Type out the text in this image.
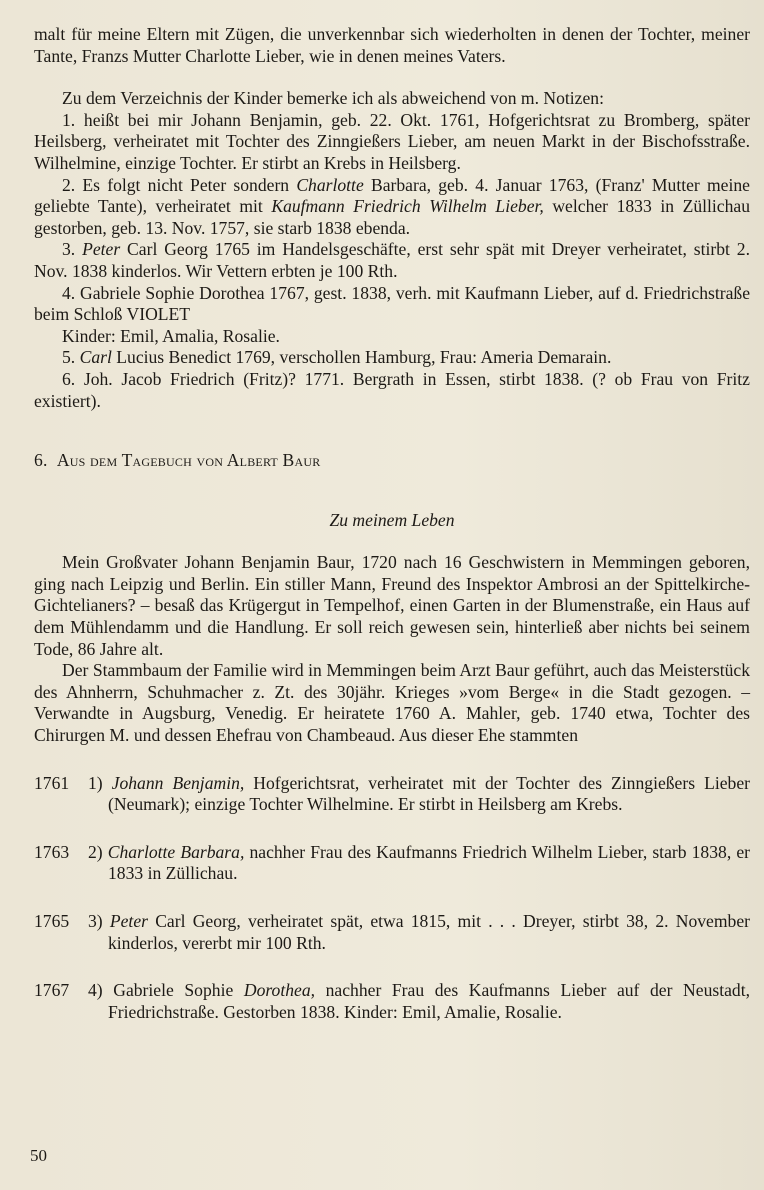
malt für meine Eltern mit Zügen, die unverkennbar sich wiederholten in denen der Tochter, meiner Tante, Franzs Mutter Charlotte Lieber, wie in denen meines Vaters.

Zu dem Verzeichnis der Kinder bemerke ich als abweichend von m. Notizen:

1. heißt bei mir Johann Benjamin, geb. 22. Okt. 1761, Hofgerichtsrat zu Bromberg, später Heilsberg, verheiratet mit Tochter des Zinngießers Lieber, am neuen Markt in der Bischofsstraße. Wilhelmine, einzige Tochter. Er stirbt an Krebs in Heilsberg.

2. Es folgt nicht Peter sondern Charlotte Barbara, geb. 4. Januar 1763, (Franz' Mutter meine geliebte Tante), verheiratet mit Kaufmann Friedrich Wilhelm Lieber, welcher 1833 in Züllichau gestorben, geb. 13. Nov. 1757, sie starb 1838 ebenda.

3. Peter Carl Georg 1765 im Handelsgeschäfte, erst sehr spät mit Dreyer verheiratet, stirbt 2. Nov. 1838 kinderlos. Wir Vettern erbten je 100 Rth.

4. Gabriele Sophie Dorothea 1767, gest. 1838, verh. mit Kaufmann Lieber, auf d. Friedrichstraße beim Schloß VIOLET

Kinder: Emil, Amalia, Rosalie.

5. Carl Lucius Benedict 1769, verschollen Hamburg, Frau: Ameria Demarain.

6. Joh. Jacob Friedrich (Fritz)? 1771. Bergrath in Essen, stirbt 1838. (? ob Frau von Fritz existiert).

6. Aus dem Tagebuch von Albert Baur

Zu meinem Leben

Mein Großvater Johann Benjamin Baur, 1720 nach 16 Geschwistern in Memmingen geboren, ging nach Leipzig und Berlin. Ein stiller Mann, Freund des Inspektor Ambrosi an der Spittelkirche-Gichtelianers? – besaß das Krügergut in Tempelhof, einen Garten in der Blumenstraße, ein Haus auf dem Mühlendamm und die Handlung. Er soll reich gewesen sein, hinterließ aber nichts bei seinem Tode, 86 Jahre alt.

Der Stammbaum der Familie wird in Memmingen beim Arzt Baur geführt, auch das Meisterstück des Ahnherrn, Schuhmacher z. Zt. des 30jähr. Krieges »vom Berge« in die Stadt gezogen. – Verwandte in Augsburg, Venedig. Er heiratete 1760 A. Mahler, geb. 1740 etwa, Tochter des Chirurgen M. und dessen Ehefrau von Chambeaud. Aus dieser Ehe stammten

1761	1) Johann Benjamin, Hofgerichtsrat, verheiratet mit der Tochter des Zinngießers Lieber (Neumark); einzige Tochter Wilhelmine. Er stirbt in Heilsberg am Krebs.
1763	2) Charlotte Barbara, nachher Frau des Kaufmanns Friedrich Wilhelm Lieber, starb 1838, er 1833 in Züllichau.
1765	3) Peter Carl Georg, verheiratet spät, etwa 1815, mit . . . Dreyer, stirbt 38, 2. November kinderlos, vererbt mir 100 Rth.
1767	4) Gabriele Sophie Dorothea, nachher Frau des Kaufmanns Lieber auf der Neustadt, Friedrichstraße. Gestorben 1838. Kinder: Emil, Amalie, Rosalie.
50
